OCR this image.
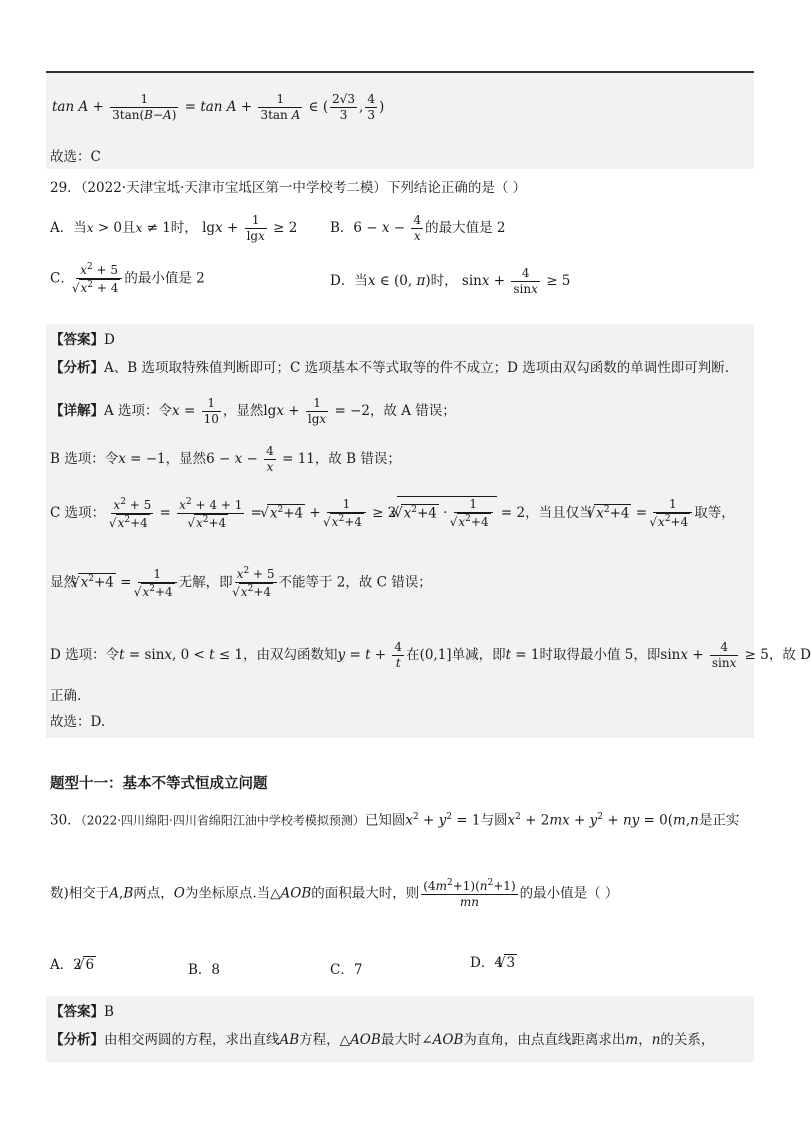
$\tan A + \frac{1}{3\tan(B-A)} = \tan A + \frac{1}{\text{3tan A}}$ ∈ ( $\frac{2√3}{3}$ , $\frac{4}{3}$ )
故选：C
29．（2022·天津宝坻·天津市宝坻区第一中学校考二模）下列结论正确的是（ ）
A．当x > 0且x ≠ 1时， $\lg x + \frac{1}{\lg x} \ge 2$ B．$6 - x - \frac{4}{x}$ 的最大值是 2
C． $x^2 + 5$
√ $x^2 + 4$ 的最小值是 2	D．当x ∈ (0, π)时， $\sin x + \frac{4}{\sin x} \ge 5$
【答案】D
【分析】A、B 选项取特殊值判断即可；C 选项基本不等式取等的件不成立；D 选项由双勾函数的单调性即可判断.
【详解】A 选项：令$x = \frac{1}{10}$ ，显然$\lg x + \frac{1}{\lg x} = -2$，故 A 错误；
B 选项：令x = −1，显然$6 - x - \frac{4}{x} = 11$，故 B 错误；
C 选项： $x^2 + 5$
√ $x^2+4 = x^2 + 4 + 1$
√ $x^2+4$ = √ $x^2+4 + 1$
√ $x^2+4 \ge 2√$ √ $x^2+4 \cdot 1$
√ $x^2+4 = 2$，当且仅当√ $x^2+4 = 1$
√ $x^2+4$ 取等，
显然√ $x^2+4 = 1$
√ $x^2+4$ 无解，即 $x^2 + 5$
√ $x^2+4$ 不能等于 2，故 C 错误；
D 选项：令t = sinx, 0 < t ≤ 1，由双勾函数知$y = t + \frac{4}{t}$ 在(0,1]单减，即t = 1时取得最小值 5，即$\sin x + \frac{4}{\sin x} \ge 5$，故 D
正确.
故选：D.
题型十一：基本不等式恒成立问题
30．（2022·四川绵阳·四川省绵阳江油中学校考模拟预测）已知圆$x^2 + y^2 = 1$与圆$x^2 + 2mx + y^2$ + ny = 0(m,n是正实
数)相交于A,B两点，O为坐标原点.当△AOB的面积最大时，则 $\frac{(4m^2+1)(n^2+1)}{mn}$ 的最小值是（ ）
A．2√ 6	B．8	C．7	D．4√ 3
【答案】B
【分析】由相交两圆的方程，求出直线AB方程，△AOB最大时∠AOB为直角，由点直线距离求出m，n的关系，
